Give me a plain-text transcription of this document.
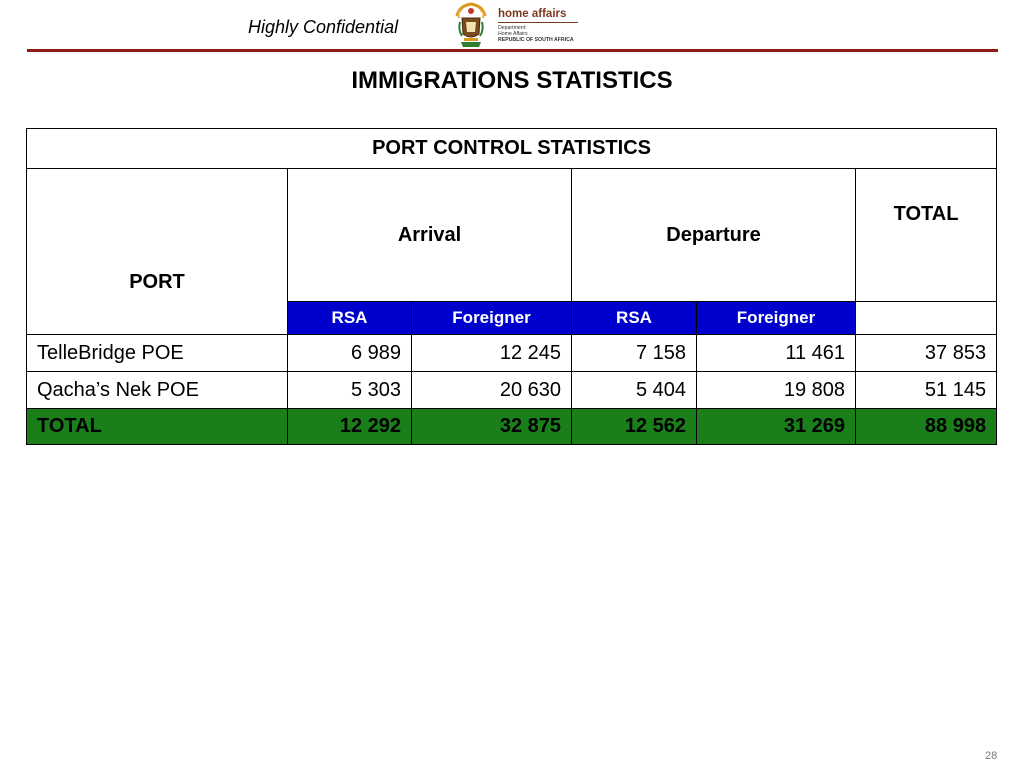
Highly Confidential
home affairs
Department:
Home Affairs
REPUBLIC OF SOUTH AFRICA
IMMIGRATIONS STATISTICS
PORT CONTROL STATISTICS					
PORT	Arrival		Departure		TOTAL
	RSA	Foreigner	RSA	Foreigner	
TelleBridge POE	6 989	12 245	7 158	11 461	37 853
Qacha’s Nek POE	5 303	20 630	5 404	19 808	51 145
TOTAL	12 292	32 875	12 562	31 269	88 998
28
